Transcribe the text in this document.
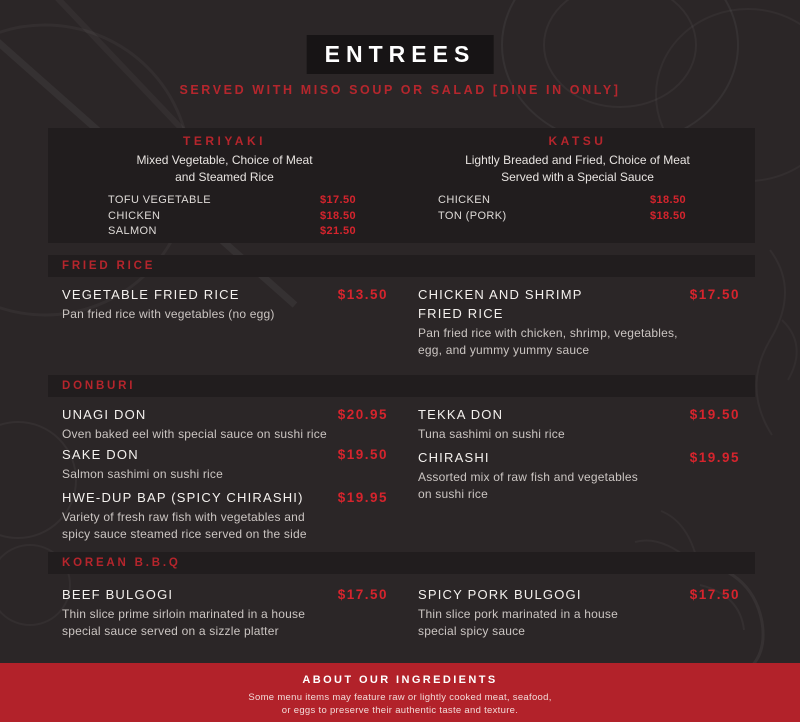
ENTREES
SERVED WITH MISO SOUP OR SALAD [DINE IN ONLY]
TERIYAKI
Mixed Vegetable, Choice of Meat
and Steamed Rice
TOFU VEGETABLE	$17.50
CHICKEN	$18.50
SALMON	$21.50
KATSU
Lightly Breaded and Fried, Choice of Meat
Served with a Special Sauce
CHICKEN	$18.50
TON (PORK)	$18.50
FRIED RICE
VEGETABLE FRIED RICE	$13.50
Pan fried rice with vegetables (no egg)
CHICKEN AND SHRIMP FRIED RICE
$17.50
Pan fried rice with chicken, shrimp, vegetables,
egg, and yummy yummy sauce
DONBURI
UNAGI DON	$20.95
Oven baked eel with special sauce on sushi rice
SAKE DON	$19.50
Salmon sashimi on sushi rice
HWE-DUP BAP (SPICY CHIRASHI)	$19.95
Variety of fresh raw fish with vegetables and
spicy sauce steamed rice served on the side
TEKKA DON	$19.50
Tuna sashimi on sushi rice
CHIRASHI	$19.95
Assorted mix of raw fish and vegetables
on sushi rice
KOREAN B.B.Q
BEEF BULGOGI	$17.50
Thin slice prime sirloin marinated in a house
special sauce served on a sizzle platter
SPICY PORK BULGOGI	$17.50
Thin slice pork marinated in a house
special spicy sauce
ABOUT OUR INGREDIENTS
Some menu items may feature raw or lightly cooked meat, seafood,
or eggs to preserve their authentic taste and texture.
